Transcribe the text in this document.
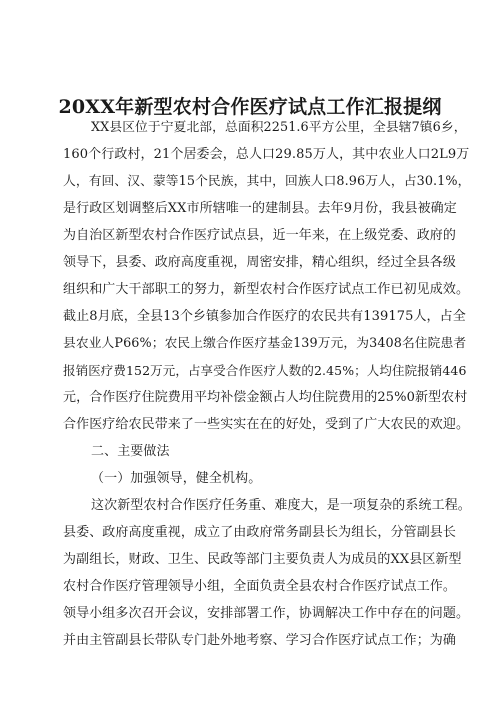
20XX年新型农村合作医疗试点工作汇报提纲
XX县区位于宁夏北部，总面积2251.6平方公里，全县辖7镇6乡，
160个行政村，21个居委会，总人口29.85万人，其中农业人口2L9万
人，有回、汉、蒙等15个民族，其中，回族人口8.96万人，占30.1%，
是行政区划调整后XX市所辖唯一的建制县。去年9月份，我县被确定
为自治区新型农村合作医疗试点县，近一年来，在上级党委、政府的
领导下，县委、政府高度重视，周密安排，精心组织，经过全县各级
组织和广大干部职工的努力，新型农村合作医疗试点工作已初见成效。
截止8月底，全县13个乡镇参加合作医疗的农民共有139175人，占全
县农业人P66%；农民上缴合作医疗基金139万元，为3408名住院患者
报销医疗费152万元，占享受合作医疗人数的2.45%；人均住院报销446
元，合作医疗住院费用平均补偿金额占人均住院费用的25%0新型农村
合作医疗给农民带来了一些实实在在的好处，受到了广大农民的欢迎。
二、主要做法
（一）加强领导，健全机构。
这次新型农村合作医疗任务重、难度大，是一项复杂的系统工程。
县委、政府高度重视，成立了由政府常务副县长为组长，分管副县长
为副组长，财政、卫生、民政等部门主要负责人为成员的XX县区新型
农村合作医疗管理领导小组，全面负责全县农村合作医疗试点工作。
领导小组多次召开会议，安排部署工作，协调解决工作中存在的问题。
并由主管副县长带队专门赴外地考察、学习合作医疗试点工作；为确
